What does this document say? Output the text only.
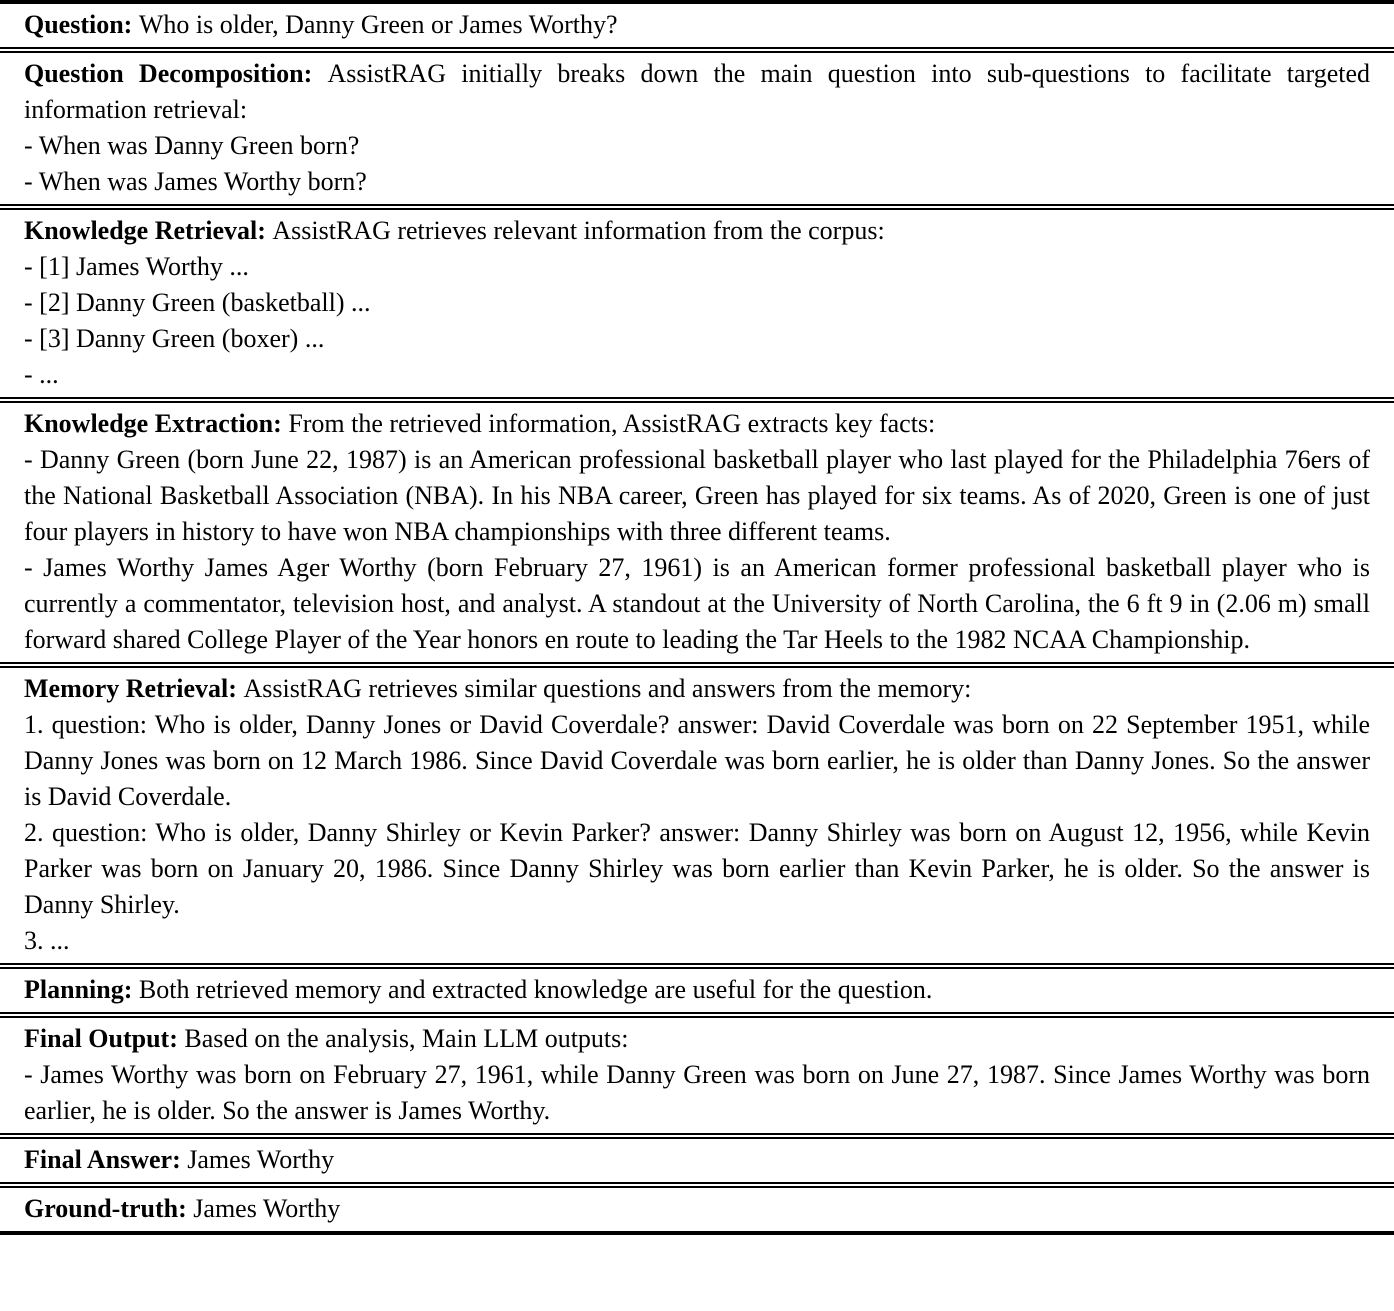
Question: Who is older, Danny Green or James Worthy?

Question Decomposition: AssistRAG initially breaks down the main question into sub-questions to facilitate targeted information retrieval:

- When was Danny Green born?

- When was James Worthy born?

Knowledge Retrieval: AssistRAG retrieves relevant information from the corpus:

- [1] James Worthy ...

- [2] Danny Green (basketball) ...

- [3] Danny Green (boxer) ...

- ...

Knowledge Extraction: From the retrieved information, AssistRAG extracts key facts:

- Danny Green (born June 22, 1987) is an American professional basketball player who last played for the Philadelphia 76ers of the National Basketball Association (NBA). In his NBA career, Green has played for six teams. As of 2020, Green is one of just four players in history to have won NBA championships with three different teams.

- James Worthy James Ager Worthy (born February 27, 1961) is an American former professional basketball player who is currently a commentator, television host, and analyst. A standout at the University of North Carolina, the 6 ft 9 in (2.06 m) small forward shared College Player of the Year honors en route to leading the Tar Heels to the 1982 NCAA Championship.

Memory Retrieval: AssistRAG retrieves similar questions and answers from the memory:

1. question: Who is older, Danny Jones or David Coverdale? answer: David Coverdale was born on 22 September 1951, while Danny Jones was born on 12 March 1986. Since David Coverdale was born earlier, he is older than Danny Jones. So the answer is David Coverdale.

2. question: Who is older, Danny Shirley or Kevin Parker? answer: Danny Shirley was born on August 12, 1956, while Kevin Parker was born on January 20, 1986. Since Danny Shirley was born earlier than Kevin Parker, he is older. So the answer is Danny Shirley.

3. ...

Planning: Both retrieved memory and extracted knowledge are useful for the question.

Final Output: Based on the analysis, Main LLM outputs:

- James Worthy was born on February 27, 1961, while Danny Green was born on June 27, 1987. Since James Worthy was born earlier, he is older. So the answer is James Worthy.

Final Answer: James Worthy

Ground-truth: James Worthy
